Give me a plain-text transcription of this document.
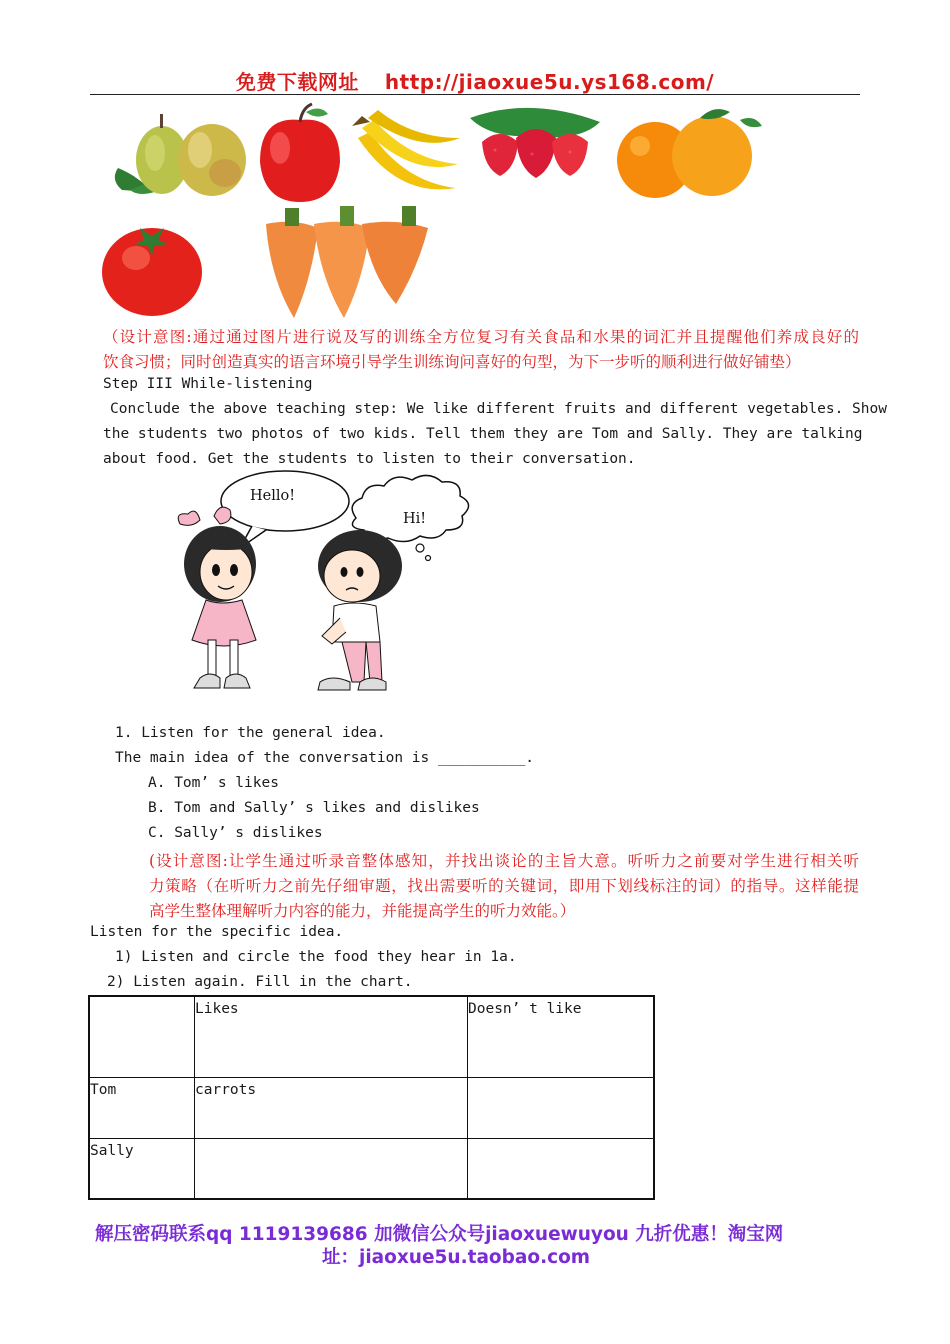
免费下载网址 http://jiaoxue5u.ys168.com/
（设计意图:通过通过图片进行说及写的训练全方位复习有关食品和水果的词汇并且提醒他们养成良好的
饮食习惯；同时创造真实的语言环境引导学生训练询问喜好的句型，为下一步听的顺利进行做好铺垫）
Step III While-listening
Conclude the above teaching step: We like different fruits and different vegetables. Show
the students two photos of two kids. Tell them they are Tom and Sally. They are talking
about food. Get the students to listen to their conversation.
Hello!
Hi!
1. Listen for the general idea.
The main idea of the conversation is __________.
A. Tom’ s likes
B. Tom and Sally’ s likes and dislikes
C. Sally’ s dislikes
(设计意图:让学生通过听录音整体感知，并找出谈论的主旨大意。听听力之前要对学生进行相关听
力策略（在听听力之前先仔细审题，找出需要听的关键词，即用下划线标注的词）的指导。这样能提
高学生整体理解听力内容的能力，并能提高学生的听力效能。）
Listen for the specific idea.
1) Listen and circle the food they hear in 1a.
2) Listen again. Fill in the chart.
	Likes	Doesn’ t like
Tom	carrots	
Sally		
解压密码联系qq 1119139686 加微信公众号jiaoxuewuyou 九折优惠！淘宝网
址：jiaoxue5u.taobao.com
